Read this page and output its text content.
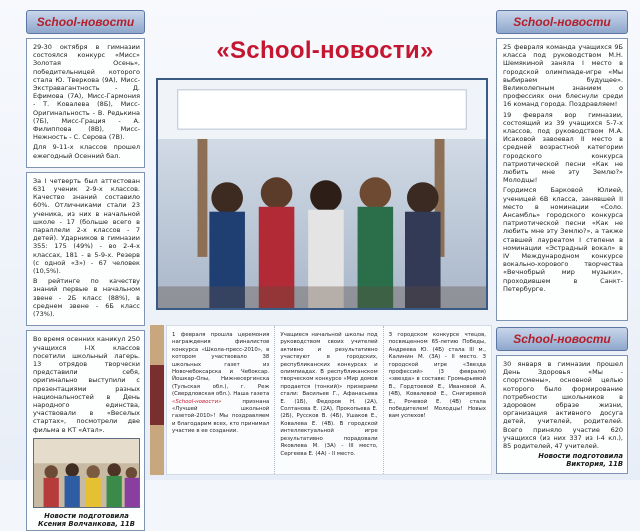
School-новости

29-30 октября в гимназии состоялся конкурс «Мисс» Золотая Осень», победительницей которого стала Ю. Тверкова (9А), Мисс-Экстравагантность - Д. Ефимова (7А), Мисс-Гармония - Т. Ковалева (8Б), Мисс-Оригинальность - В. Редькина (7Б), Мисс-Грация - А. Филиппова (8В), Мисс-Нежность - С. Серова (7В).

Для 9-11-х классов прошел ежегодный Осенний бал.

За I четверть был аттестован 631 ученик 2-9-х классов. Качество знаний составило 60%. Отличниками стали 23 ученика, из них в начальной школе - 17 (больше всего в параллели 2-х классов - 7 детей). Ударников в гимназии 355: 175 (49%) - во 2-4-х классах, 181 - в 5-9-х. Резерв (с одной «3») - 67 человек (10,5%).

В рейтинге по качеству знаний первые в начальном звене - 2Б класс (88%), в среднем звене - 6Б класс (73%).

Во время осенних каникул 250 учащихся I-IX классов посетили школьный лагерь. 13 отрядов творчески представили себя, оригинально выступили с презентациями разных национальностей в День народного единства, участвовали в «Веселых стартах», посмотрели две фильма в КТ «Атал».

Новости подготовила Ксения Волчанкова, 11В

«School-новости»
School-новости

25 февраля команда учащихся 9Б класса под руководством М.Н. Шемякиной заняла I место в городской олимпиаде-игре «Мы выбираем будущее». Великолепным знанием о профессиях они блеснули среди 16 команд города. Поздравляем!

19 февраля вор гимназии, состоящий из 39 учащихся 5-7-х классов, под руководством М.А. Исаковой завоевал II место в средней возрастной категории городского конкурса патриотической песни «Как не любить мне эту Землю?» Молодцы!

Гордимся Барковой Юлией, ученицей 6В класса, занявшей II место в номинации «Соло. Ансамбль» городского конкурса патриотической песни «Как не любить мне эту Землю?», а также ставшей лауреатом I степени в номинации «Эстрадный вокал» в IV Международном конкурсе вокально-хорового творчества «Вечнобрый мир музыки», проходившем в Санкт-Петербурге.

1 февраля прошла церемония награждения финалистов конкурса «Школа-пресс-2010», в котором участвовало 38 школьных газет из Новочебоксарска и Чебоксар. Йошкар-Олы, Нижнесергинска (Тульская обл.), г. Реж (Свердловская обл.). Наша газета «School-новости» признана «Лучшей школьной газетой-2010»! Мы поздравляем и благодарим всех, кто принимал участие в ее создании.
Учащиеся начальной школы под руководством своих учителей активно и результативно участвуют в городских, республиканских конкурсах и олимпиадах. В республиканском творческом конкурсе «Мир домов продается (тонкий)» призерами стали: Васильев Г., Афанасьева Е. (1Б), Федоров Н. (2А), Солтанова Е. (2А), Прокопьева Е. (2Б), Руссков В. (4Б), Ушаков Е., Ковалева Е. (4В). В городской интеллектуальной игре результативно порадовали Яковлева М. (3А) - III место, Сергеева Е. (4А) - II место.
З городском конкурсе чтецов, посвященном 65-летию Победы, Андреева Ю. (4Б) стала III м., Калинин М. (3А) - II место. З городской игре «Звезда профессий» (3 февраля) «звезда» в составе: Громырьевой В., Гордтоевой Е., Ивановой А. (4В), Ковалевой Е., Снигиревой Е., Рочевой Е. (4В) стала победителем! Молодцы! Новых вам успехов!
School-новости

30 января в гимназии прошел День Здоровья «Мы - спортсмены», основной целью которого было формирование потребности школьников в здоровом образе жизни, организация активного досуга детей, учителей, родителей. Всего приняло участие 620 учащихся (из них 337 из I-4 кл.), 85 родителей, 47 учителей.

Новости подготовила Виктория, 11В
